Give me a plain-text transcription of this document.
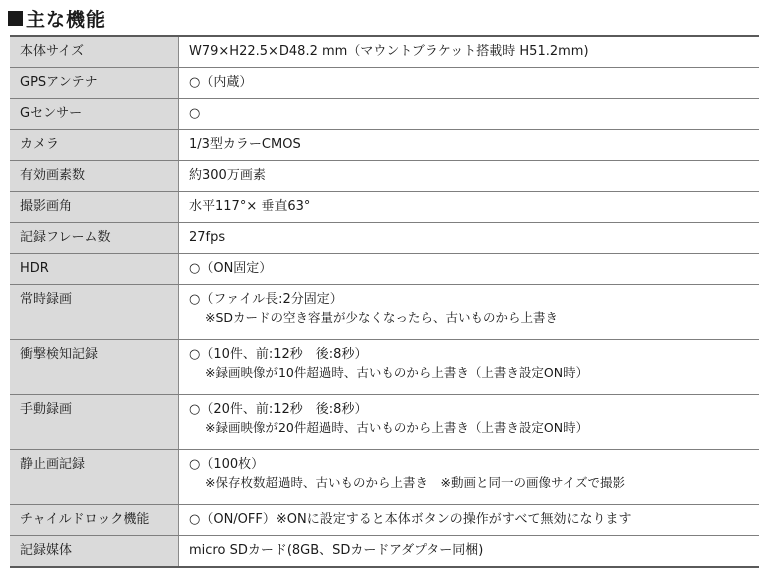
主な機能
本体サイズ	W79×H22.5×D48.2 mm（マウントブラケット搭載時 H51.2mm)

GPSアンテナ	○（内蔵）

Gセンサー	○

カメラ	1/3型カラーCMOS

有効画素数	約300万画素

撮影画角	水平117°× 垂直63°

記録フレーム数	27fps

HDR	○（ON固定）

常時録画	○（ファイル長:2分固定）
※SDカードの空き容量が少なくなったら、古いものから上書き

衝撃検知記録	○（10件、前:12秒　後:8秒）
※録画映像が10件超過時、古いものから上書き（上書き設定ON時）

手動録画	○（20件、前:12秒　後:8秒）
※録画映像が20件超過時、古いものから上書き（上書き設定ON時）

静止画記録	○（100枚）
※保存枚数超過時、古いものから上書き　※動画と同一の画像サイズで撮影

チャイルドロック機能	○（ON/OFF）※ONに設定すると本体ボタンの操作がすべて無効になります

記録媒体	micro SDカード(8GB、SDカードアダプター同梱)
